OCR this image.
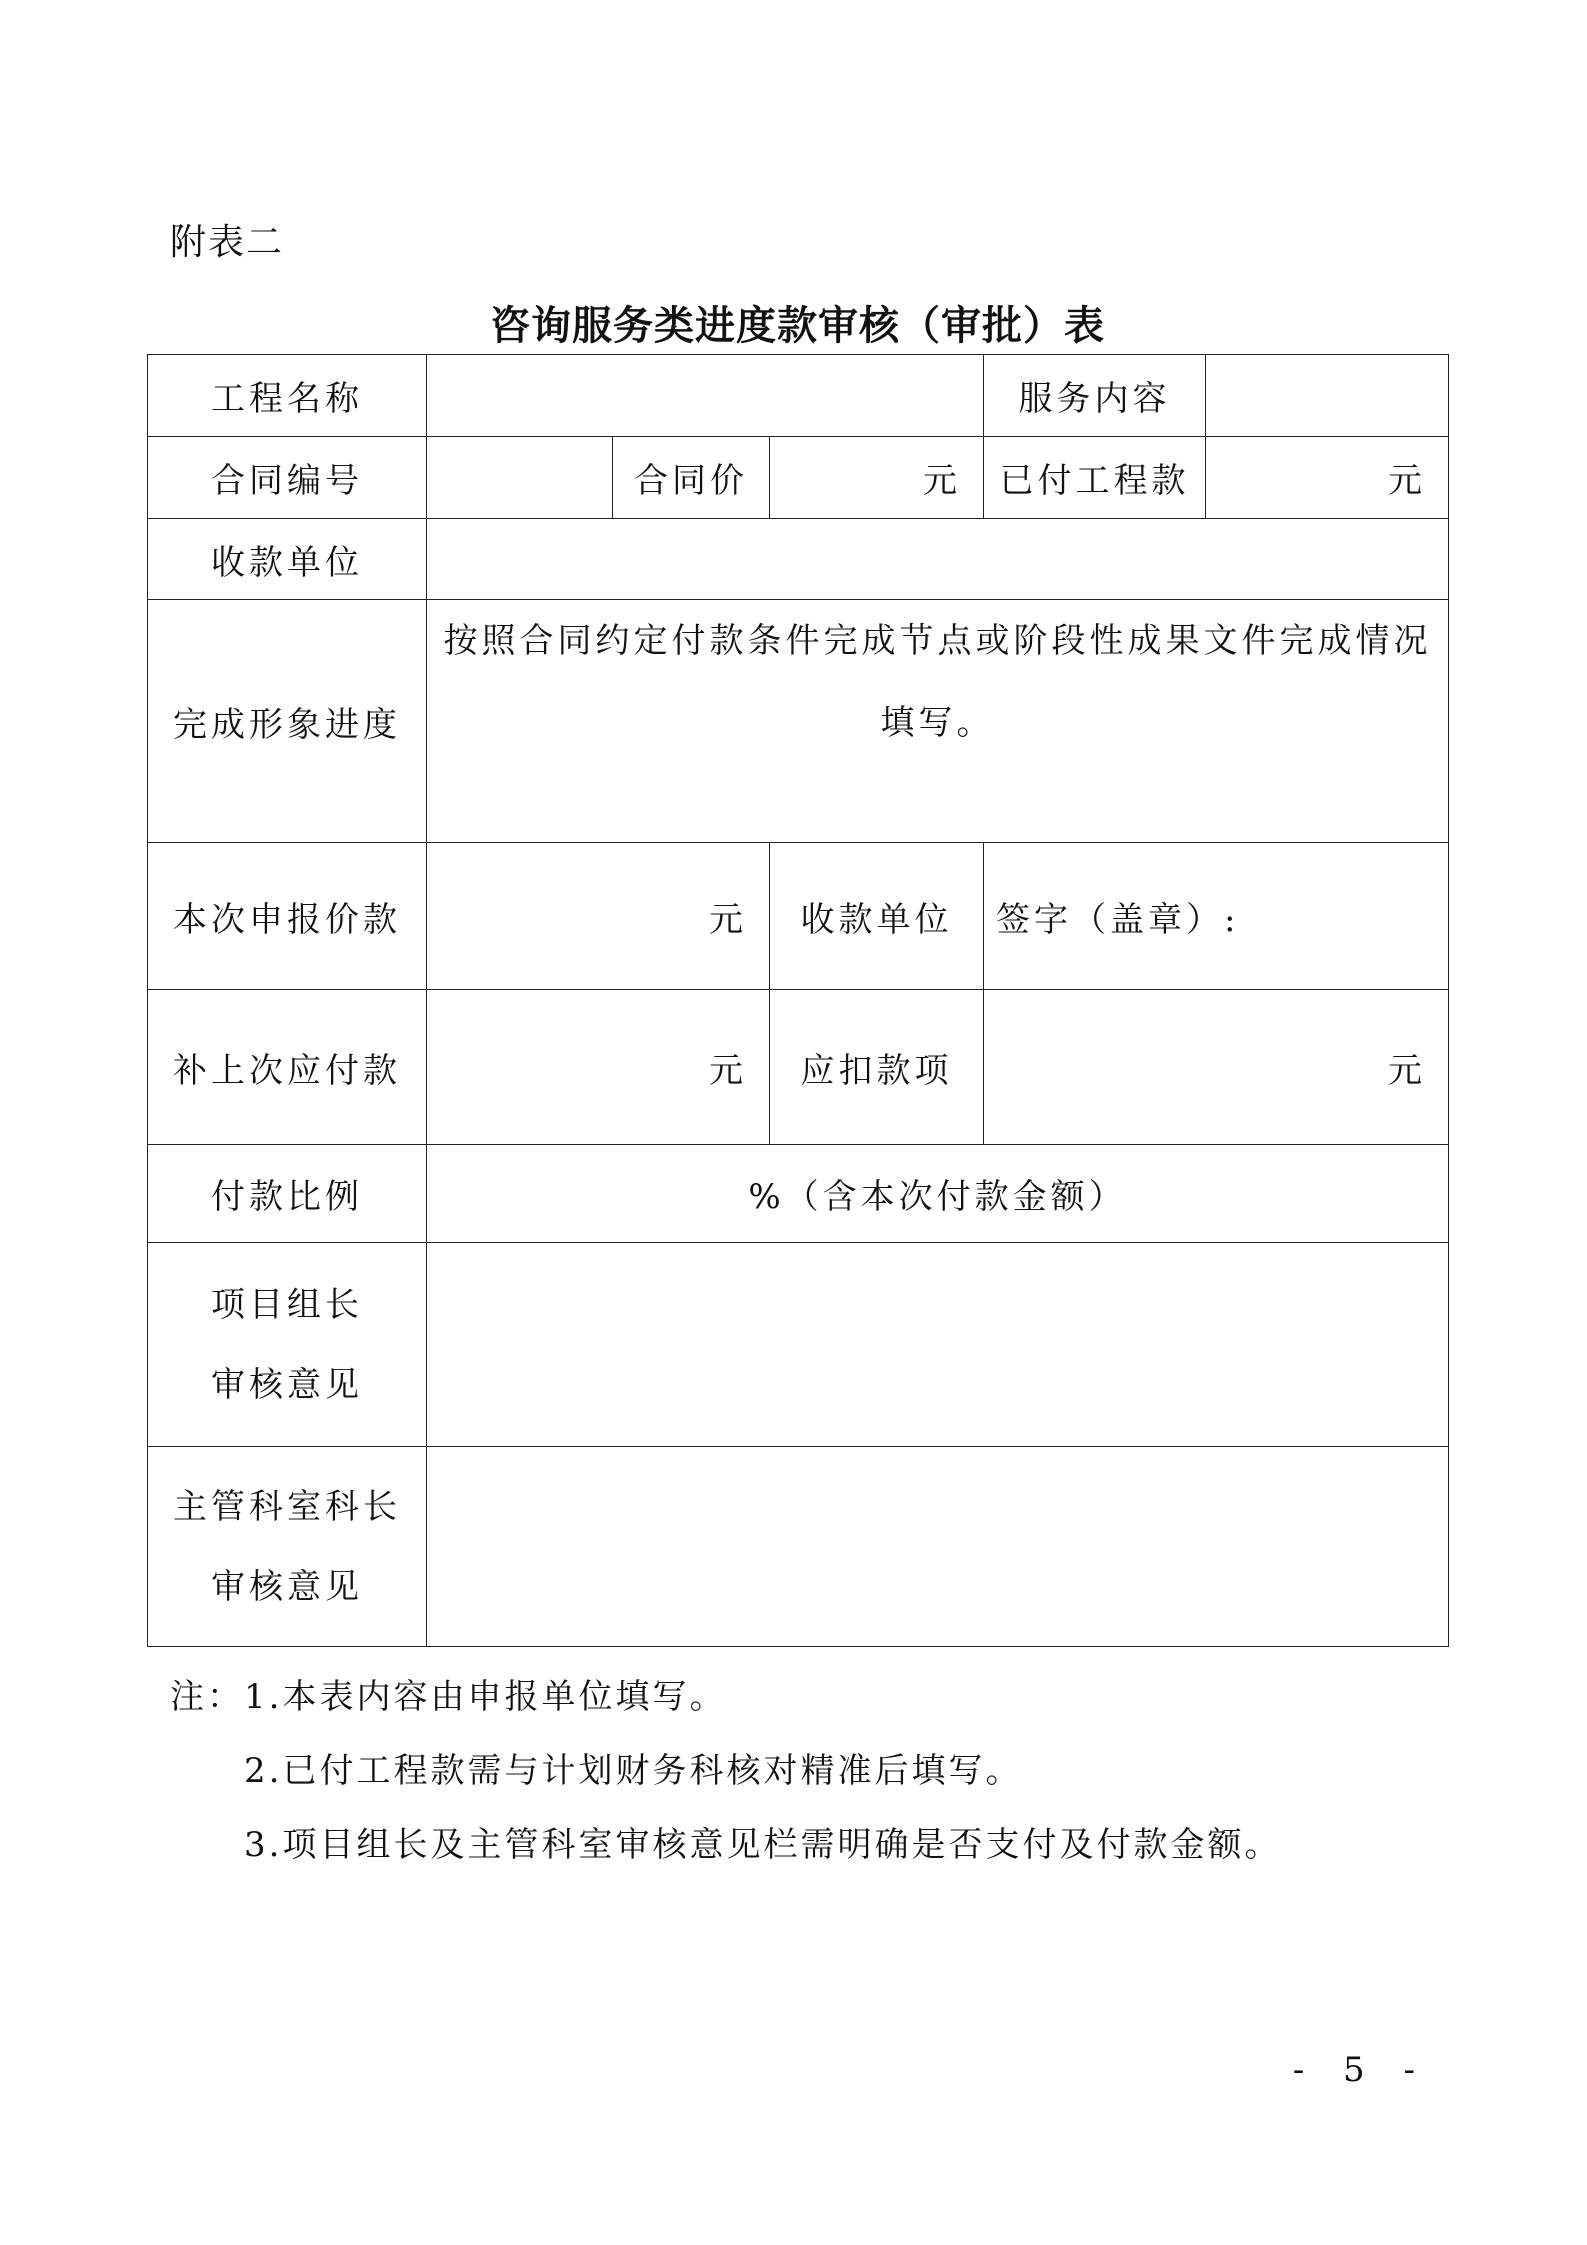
附表二
咨询服务类进度款审核（审批）表
工程名称				服务内容	
合同编号		合同价	元	已付工程款	元
收款单位					
完成形象进度	按照合同约定付款条件完成节点或阶段性成果文件完成情况
填写。				

本次申报价款	元		收款单位	签字（盖章）:	
补上次应付款	元		应扣款项	元	
付款比例	%（含本次付款金额）				

项目组长
审核意见					

主管科室科长
审核意见					

注：1.本表内容由申报单位填写。
2.已付工程款需与计划财务科核对精准后填写。
3.项目组长及主管科室审核意见栏需明确是否支付及付款金额。
- 5 -
